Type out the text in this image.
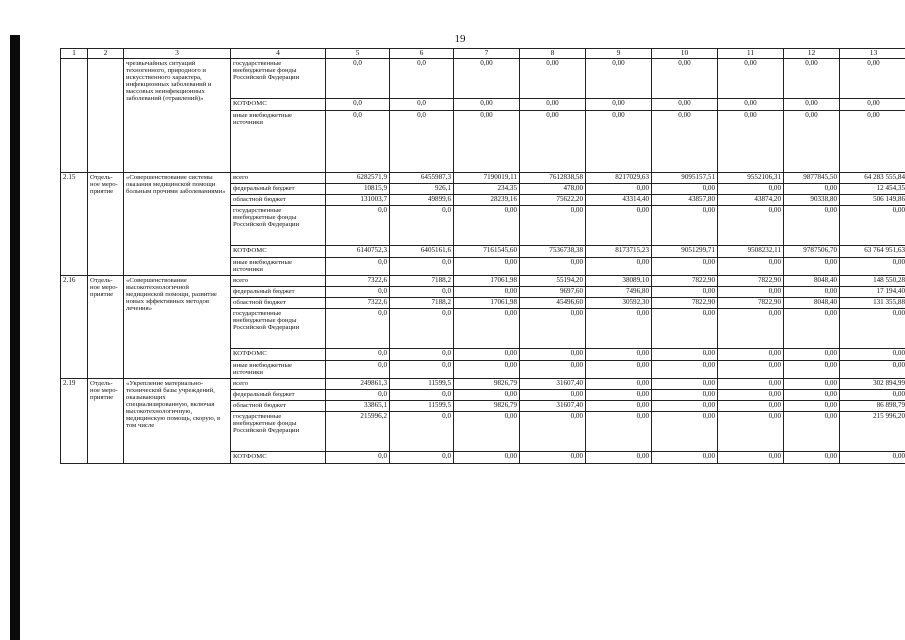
19
1	2	3	4	5	6	7	8	9	10	11	12	13
		чрезвычайных ситуаций техногенного, природного и искусственного характера, инфекционных заболеваний и массовых неинфекционных заболеваний (отравлений)»	государственные внебюджетные фонды Российской Федерации	0,0	0,0	0,00	0,00	0,00	0,00	0,00	0,00	0,00
			КОТФОМС	0,0	0,0	0,00	0,00	0,00	0,00	0,00	0,00	0,00
			иные внебюджетные источники	0,0	0,0	0,00	0,00	0,00	0,00	0,00	0,00	0,00
2.15	Отдель-ное меро-приятие	«Совершенствование системы оказания медицинской помощи больным прочими заболеваниями»	всего	6282571,9	6455987,3	7190019,11	7612838,58	8217029,63	9095157,51	9552106,31	9877845,50	64 283 555,84
			федеральный бюджет	10815,9	926,1	234,35	478,00	0,00	0,00	0,00	0,00	12 454,35
			областной бюджет	131003,7	49899,6	28239,16	75622,20	43314,40	43857,80	43874,20	90338,80	506 149,86
			государственные внебюджетные фонды Российской Федерации	0,0	0,0	0,00	0,00	0,00	0,00	0,00	0,00	0,00
			КОТФОМС	6140752,3	6405161,6	7161545,60	7536738,38	8173715,23	9051299,71	9508232,11	9787506,70	63 764 951,63
			иные внебюджетные источники	0,0	0,0	0,00	0,00	0,00	0,00	0,00	0,00	0,00
2.16	Отдель-ное меро-приятие	«Совершенствование высокотехнологичной медицинской помощи, развитие новых эффективных методов лечения»	всего	7322,6	7188,2	17061,98	55194,20	38089,10	7822,90	7822,90	8048,40	148 550,28
			федеральный бюджет	0,0	0,0	0,00	9697,60	7496,80	0,00	0,00	0,00	17 194,40
			областной бюджет	7322,6	7188,2	17061,98	45496,60	30592,30	7822,90	7822,90	8048,40	131 355,88
			государственные внебюджетные фонды Российской Федерации	0,0	0,0	0,00	0,00	0,00	0,00	0,00	0,00	0,00
			КОТФОМС	0,0	0,0	0,00	0,00	0,00	0,00	0,00	0,00	0,00
			иные внебюджетные источники	0,0	0,0	0,00	0,00	0,00	0,00	0,00	0,00	0,00
2.19	Отдель-ное меро-приятие	«Укрепление материально-технической базы учреждений, оказывающих специализированную, включая высокотехнологичную, медицинскую помощь, скорую, в том числе	всего	249861,3	11599,5	9826,79	31607,40	0,00	0,00	0,00	0,00	302 894,99
			федеральный бюджет	0,0	0,0	0,00	0,00	0,00	0,00	0,00	0,00	0,00
			областной бюджет	33865,1	11599,5	9826,79	31607,40	0,00	0,00	0,00	0,00	86 898,79
			государственные внебюджетные фонды Российской Федерации	215996,2	0,0	0,00	0,00	0,00	0,00	0,00	0,00	215 996,20
			КОТФОМС	0,0	0,0	0,00	0,00	0,00	0,00	0,00	0,00	0,00
